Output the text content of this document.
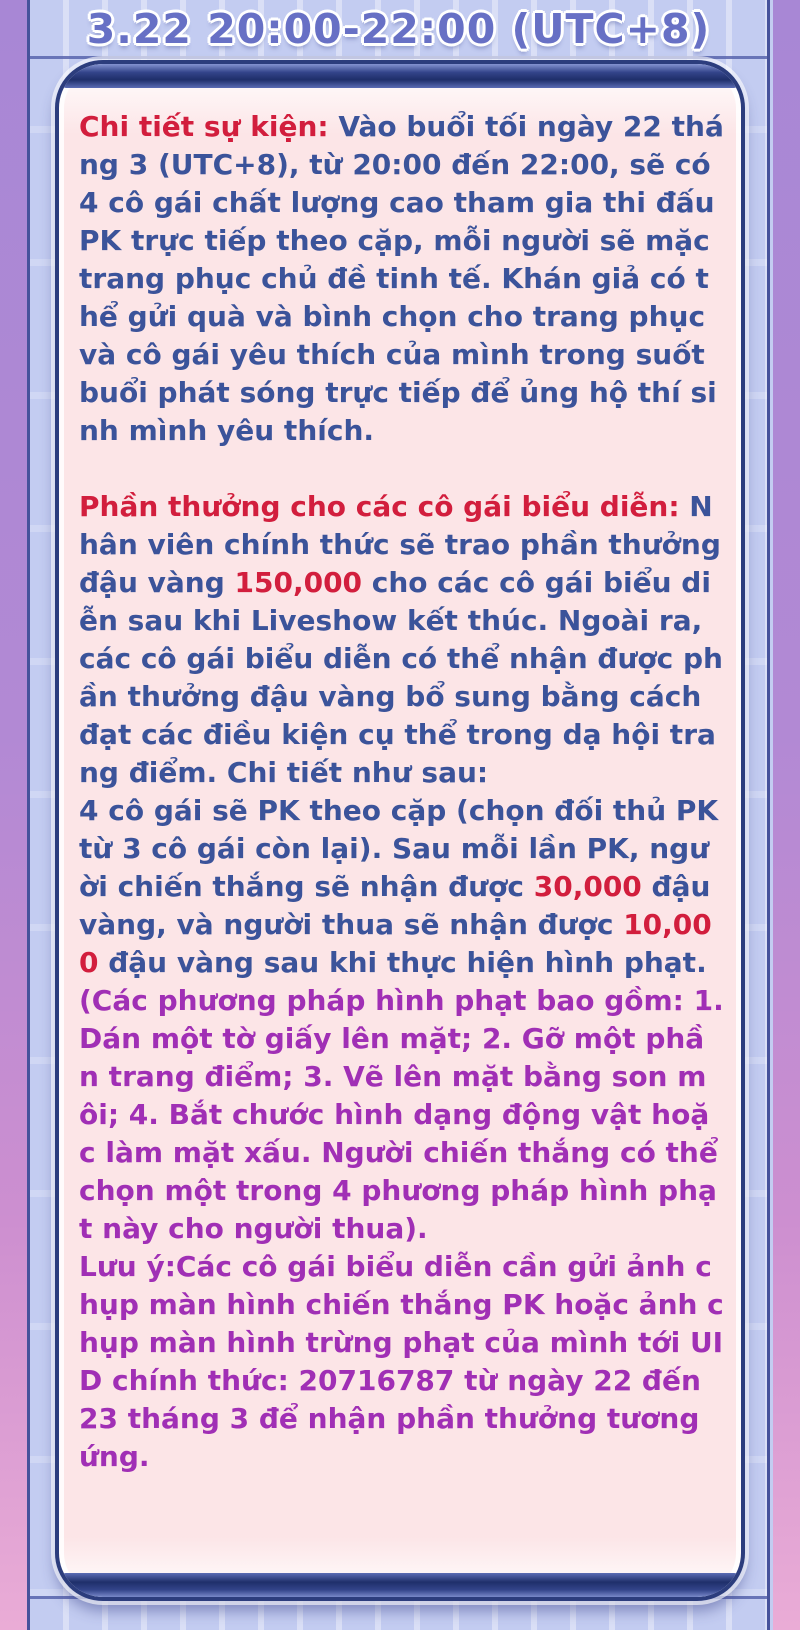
3.22 20:00-22:00 (UTC+8)

Chi tiết sự kiện: Vào buổi tối ngày 22 tháng 3 (UTC+8), từ 20:00 đến 22:00, sẽ có 4 cô gái chất lượng cao tham gia thi đấu PK trực tiếp theo cặp, mỗi người sẽ mặc trang phục chủ đề tinh tế. Khán giả có thể gửi quà và bình chọn cho trang phục và cô gái yêu thích của mình trong suốt buổi phát sóng trực tiếp để ủng hộ thí sinh mình yêu thích.

Phần thưởng cho các cô gái biểu diễn: Nhân viên chính thức sẽ trao phần thưởng đậu vàng 150,000 cho các cô gái biểu diễn sau khi Liveshow kết thúc. Ngoài ra, các cô gái biểu diễn có thể nhận được phần thưởng đậu vàng bổ sung bằng cách đạt các điều kiện cụ thể trong dạ hội trang điểm. Chi tiết như sau:

4 cô gái sẽ PK theo cặp (chọn đối thủ PK từ 3 cô gái còn lại). Sau mỗi lần PK, người chiến thắng sẽ nhận được 30,000 đậu vàng, và người thua sẽ nhận được 10,000 đậu vàng sau khi thực hiện hình phạt. (Các phương pháp hình phạt bao gồm: 1. Dán một tờ giấy lên mặt; 2. Gỡ một phần trang điểm; 3. Vẽ lên mặt bằng son môi; 4. Bắt chước hình dạng động vật hoặc làm mặt xấu. Người chiến thắng có thể chọn một trong 4 phương pháp hình phạt này cho người thua).

Lưu ý:Các cô gái biểu diễn cần gửi ảnh chụp màn hình chiến thắng PK hoặc ảnh chụp màn hình trừng phạt của mình tới UID chính thức: 20716787 từ ngày 22 đến 23 tháng 3 để nhận phần thưởng tương ứng.
